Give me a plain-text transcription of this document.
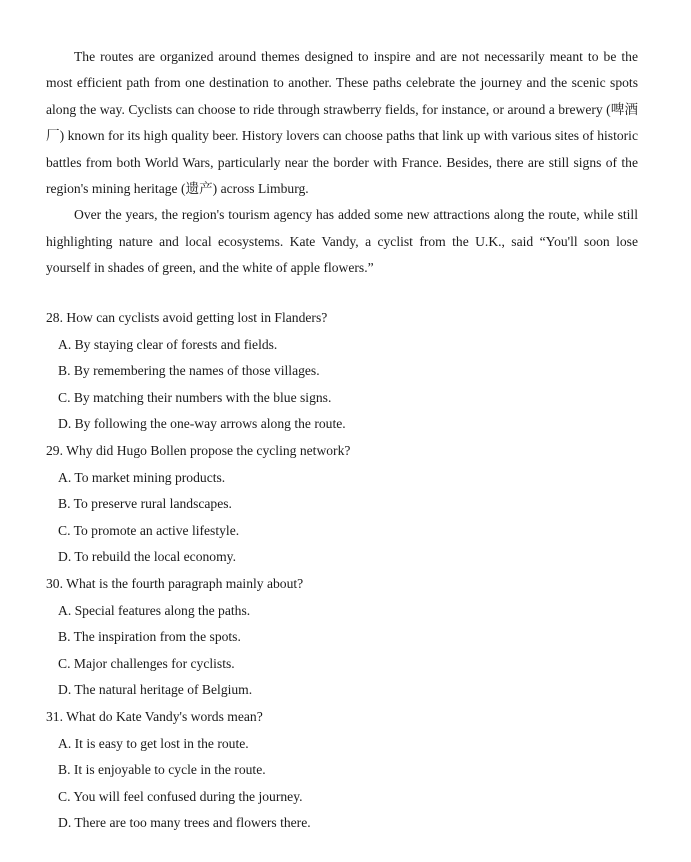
The routes are organized around themes designed to inspire and are not necessarily meant to be the most efficient path from one destination to another. These paths celebrate the journey and the scenic spots along the way. Cyclists can choose to ride through strawberry fields, for instance, or around a brewery (啤酒厂) known for its high quality beer. History lovers can choose paths that link up with various sites of historic battles from both World Wars, particularly near the border with France. Besides, there are still signs of the region's mining heritage (遗产) across Limburg.

Over the years, the region's tourism agency has added some new attractions along the route, while still highlighting nature and local ecosystems. Kate Vandy, a cyclist from the U.K., said “You'll soon lose yourself in shades of green, and the white of apple flowers.”

28. How can cyclists avoid getting lost in Flanders?
A. By staying clear of forests and fields.
B. By remembering the names of those villages.
C. By matching their numbers with the blue signs.
D. By following the one-way arrows along the route.
29. Why did Hugo Bollen propose the cycling network?
A. To market mining products.
B. To preserve rural landscapes.
C. To promote an active lifestyle.
D. To rebuild the local economy.
30. What is the fourth paragraph mainly about?
A. Special features along the paths.
B. The inspiration from the spots.
C. Major challenges for cyclists.
D. The natural heritage of Belgium.
31. What do Kate Vandy's words mean?
A. It is easy to get lost in the route.
B. It is enjoyable to cycle in the route.
C. You will feel confused during the journey.
D. There are too many trees and flowers there.
